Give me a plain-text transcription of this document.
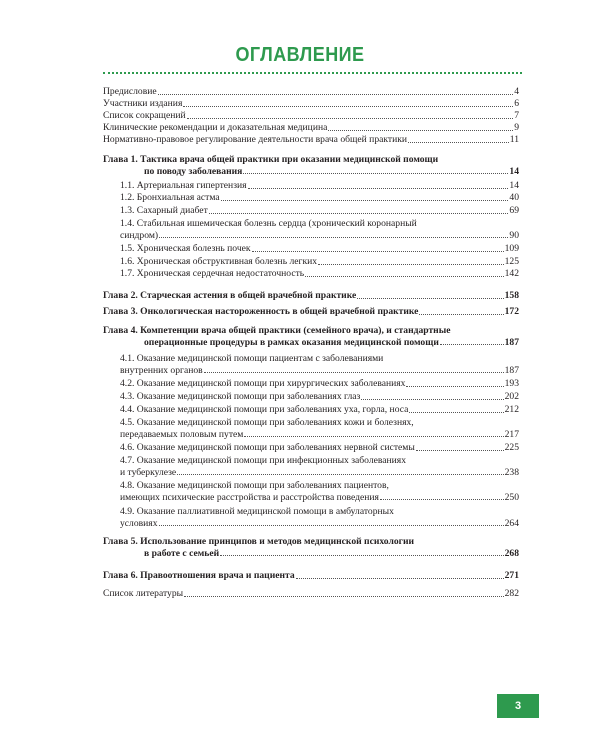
ОГЛАВЛЕНИЕ
Предисловие	4
Участники издания	6
Список сокращений	7
Клинические рекомендации и доказательная медицина	9
Нормативно-правовое регулирование деятельности врача общей практики	11
Глава 1. Тактика врача общей практики при оказании медицинской помощи
по поводу заболевания	14
1.1. Артериальная гипертензия	14
1.2. Бронхиальная астма	40
1.3. Сахарный диабет	69
1.4. Стабильная ишемическая болезнь сердца (хронический коронарный
синдром)	90
1.5. Хроническая болезнь почек	109
1.6. Хроническая обструктивная болезнь легких	125
1.7. Хроническая сердечная недостаточность	142
Глава 2. Старческая астения в общей врачебной практике	158
Глава 3. Онкологическая настороженность в общей врачебной практике	172
Глава 4. Компетенции врача общей практики (семейного врача), и стандартные
операционные процедуры в рамках оказания медицинской помощи	187
4.1. Оказание медицинской помощи пациентам с заболеваниями
внутренних органов	187
4.2. Оказание медицинской помощи при хирургических заболеваниях	193
4.3. Оказание медицинской помощи при заболеваниях глаз	202
4.4. Оказание медицинской помощи при заболеваниях уха, горла, носа	212
4.5. Оказание медицинской помощи при заболеваниях кожи и болезнях,
передаваемых половым путем	217
4.6. Оказание медицинской помощи при заболеваниях нервной системы	225
4.7. Оказание медицинской помощи при инфекционных заболеваниях
и туберкулезе	238
4.8. Оказание медицинской помощи при заболеваниях пациентов,
имеющих психические расстройства и расстройства поведения	250
4.9. Оказание паллиативной медицинской помощи в амбулаторных
условиях	264
Глава 5. Использование принципов и методов медицинской психологии
в работе с семьей	268
Глава 6. Правоотношения врача и пациента	271
Список литературы	282
3
